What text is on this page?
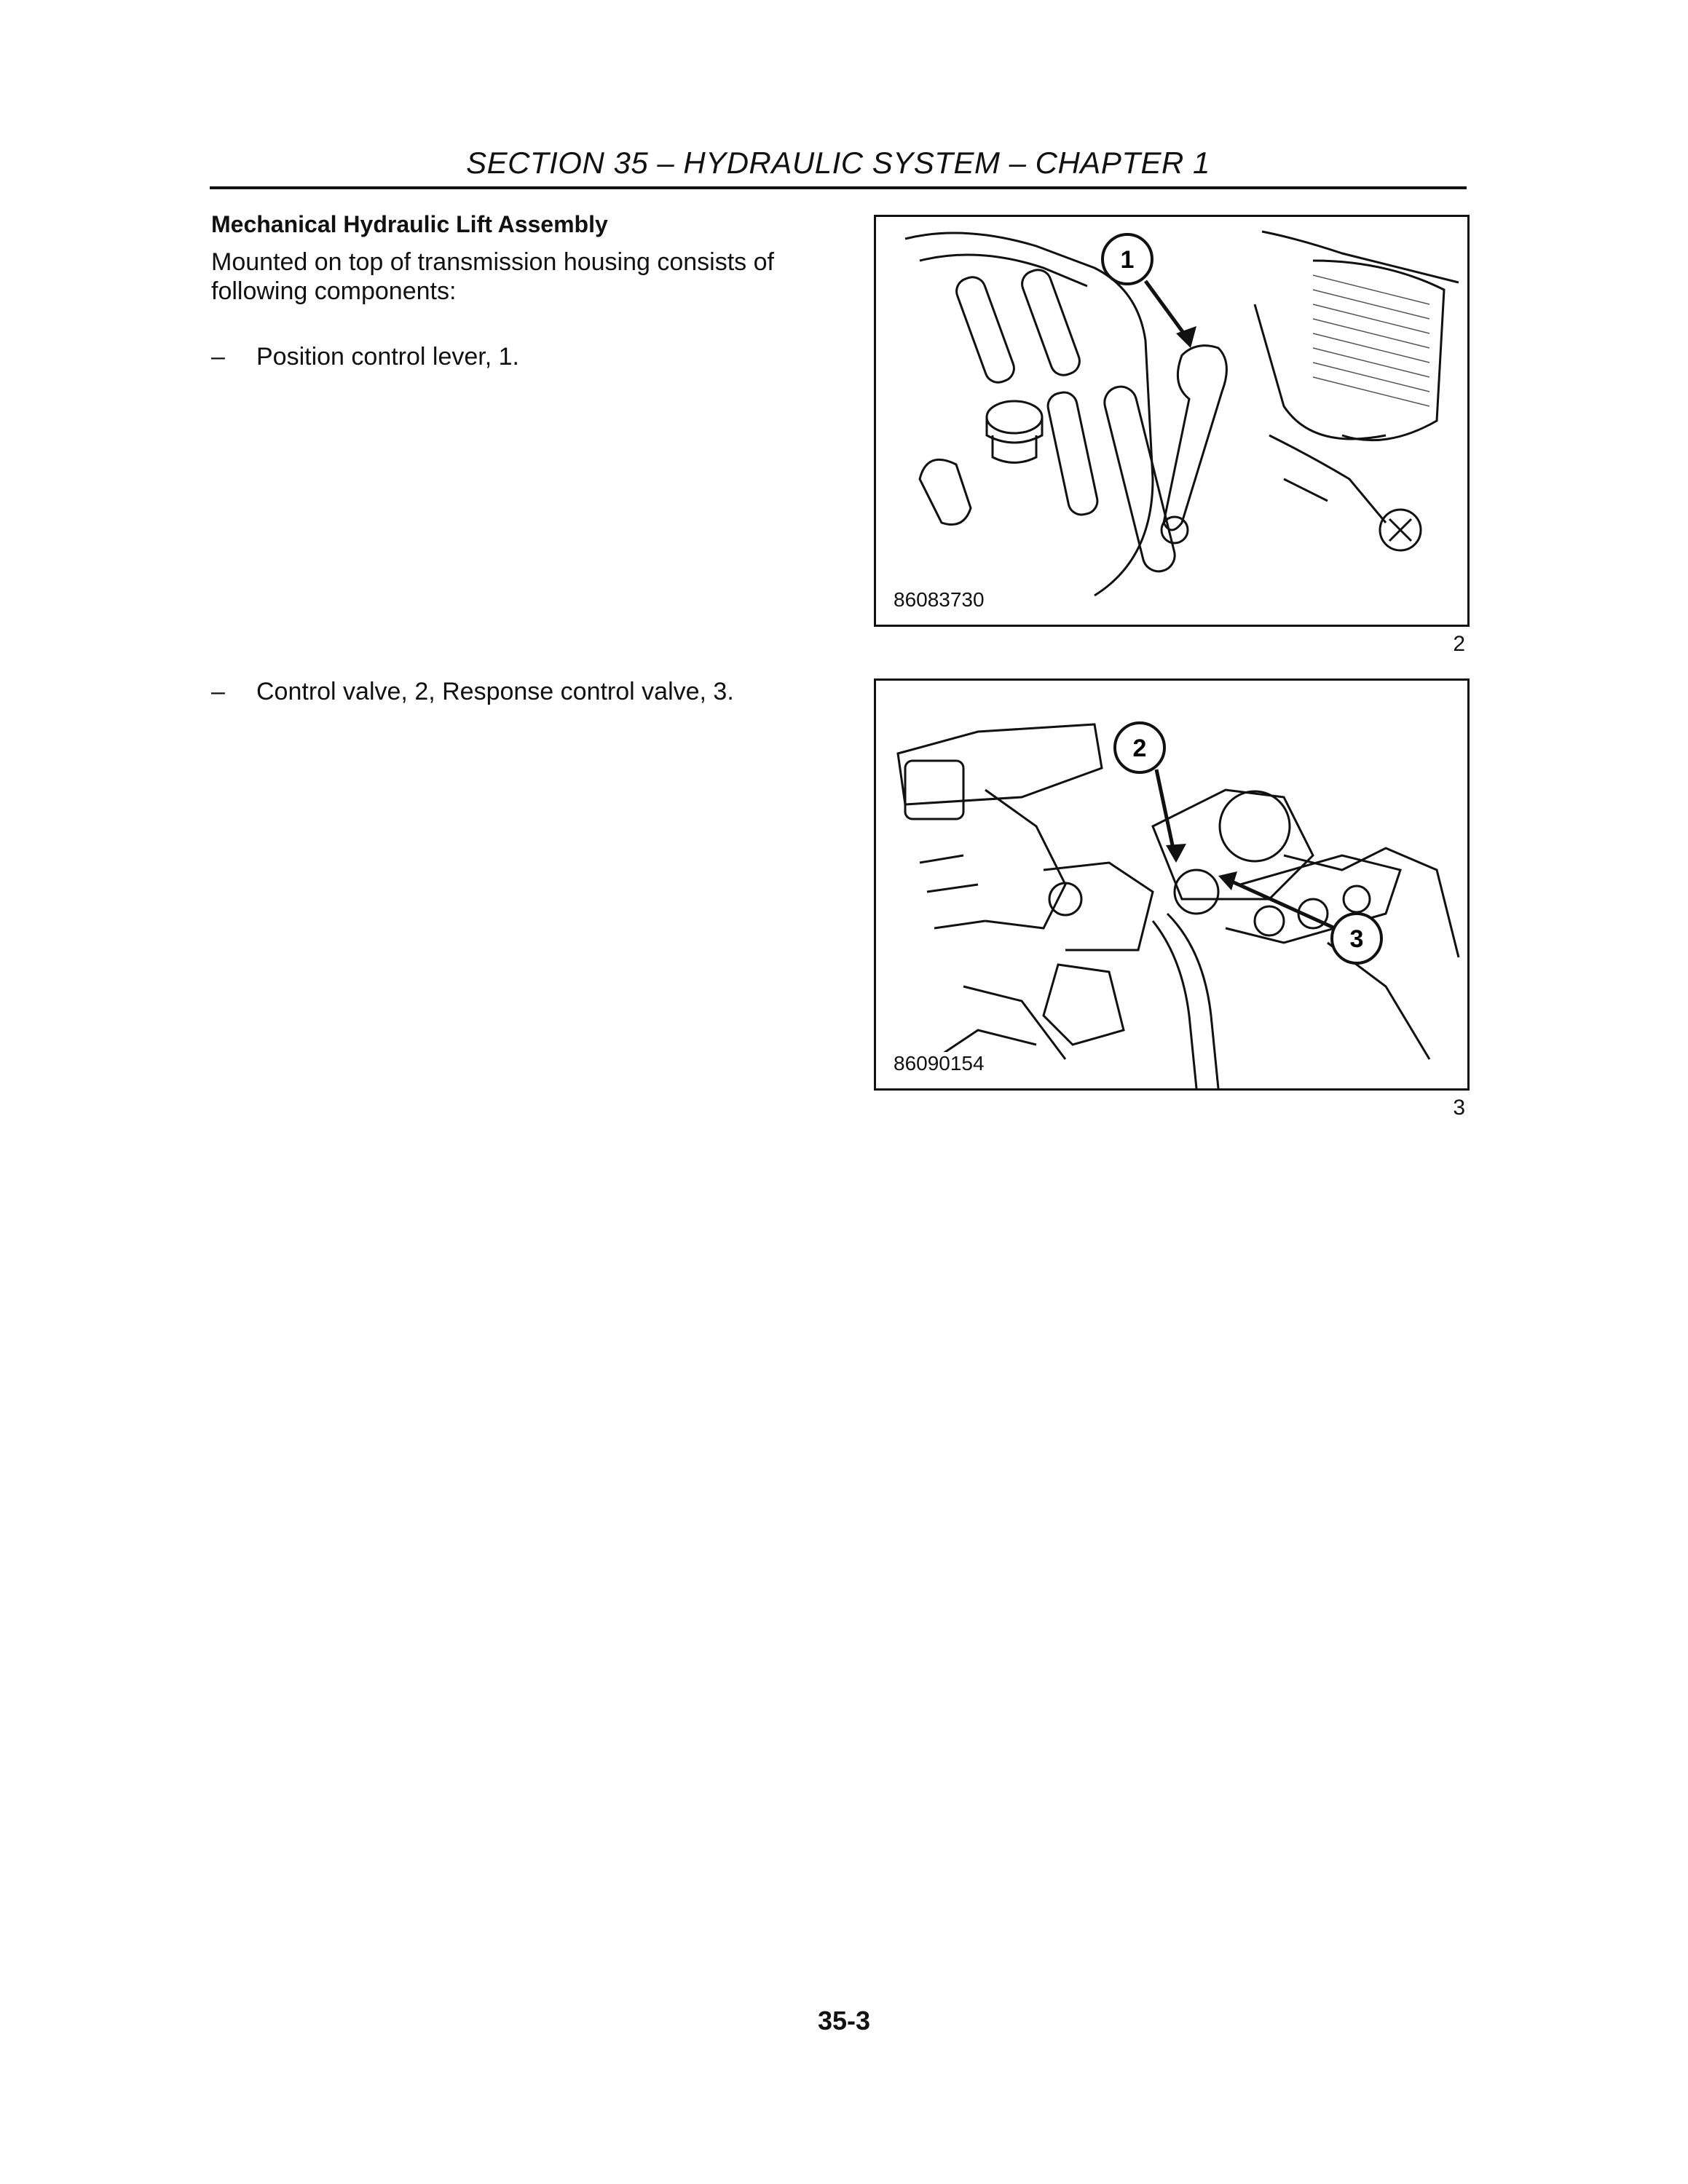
SECTION 35 – HYDRAULIC SYSTEM – CHAPTER 1
Mechanical Hydraulic Lift Assembly
Mounted on top of transmission housing consists of following components:
– Position control lever, 1.
– Control valve, 2, Response control valve, 3.
1
86083730
2
2
3
86090154
3
35-3
